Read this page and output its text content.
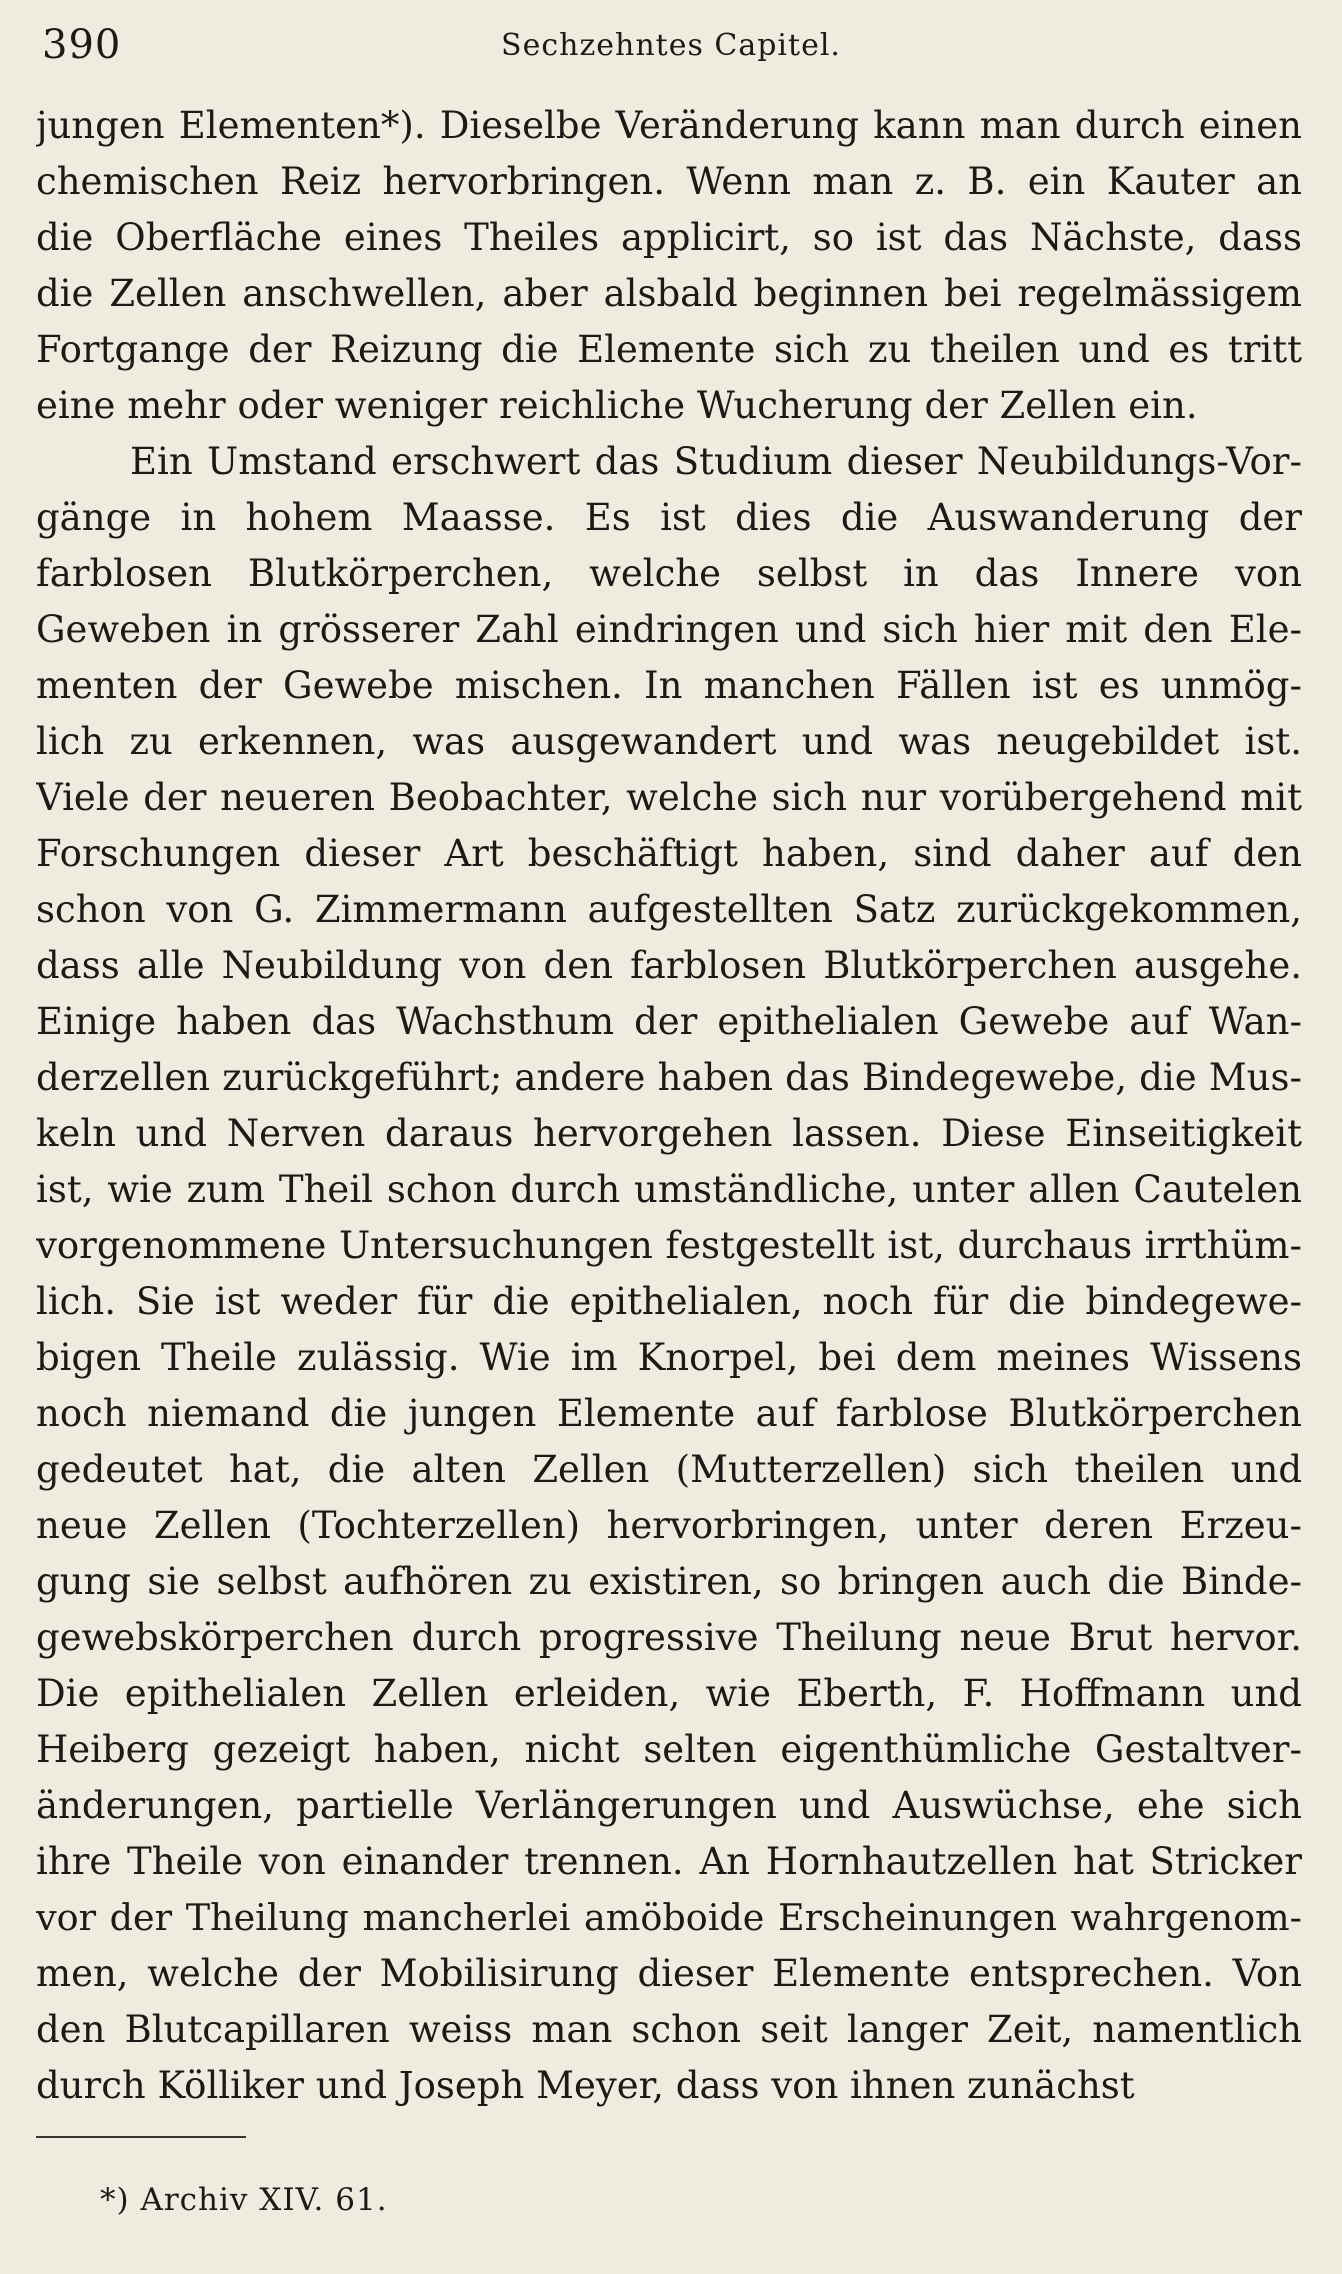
390	Sechzehntes Capitel.
jungen Elementen*). Dieselbe Veränderung kann man durch einen
chemischen Reiz hervorbringen. Wenn man z. B. ein Kauter an
die Oberfläche eines Theiles applicirt, so ist das Nächste, dass
die Zellen anschwellen, aber alsbald beginnen bei regelmässigem
Fortgange der Reizung die Elemente sich zu theilen und es tritt
eine mehr oder weniger reichliche Wucherung der Zellen ein.
Ein Umstand erschwert das Studium dieser Neubildungs-Vor-
gänge in hohem Maasse. Es ist dies die Auswanderung der
farblosen Blutkörperchen, welche selbst in das Innere von
Geweben in grösserer Zahl eindringen und sich hier mit den Ele-
menten der Gewebe mischen. In manchen Fällen ist es unmög-
lich zu erkennen, was ausgewandert und was neugebildet ist.
Viele der neueren Beobachter, welche sich nur vorübergehend mit
Forschungen dieser Art beschäftigt haben, sind daher auf den
schon von G. Zimmermann aufgestellten Satz zurückgekommen,
dass alle Neubildung von den farblosen Blutkörperchen ausgehe.
Einige haben das Wachsthum der epithelialen Gewebe auf Wan-
derzellen zurückgeführt; andere haben das Bindegewebe, die Mus-
keln und Nerven daraus hervorgehen lassen. Diese Einseitigkeit
ist, wie zum Theil schon durch umständliche, unter allen Cautelen
vorgenommene Untersuchungen festgestellt ist, durchaus irrthüm-
lich. Sie ist weder für die epithelialen, noch für die bindegewe-
bigen Theile zulässig. Wie im Knorpel, bei dem meines Wissens
noch niemand die jungen Elemente auf farblose Blutkörperchen
gedeutet hat, die alten Zellen (Mutterzellen) sich theilen und
neue Zellen (Tochterzellen) hervorbringen, unter deren Erzeu-
gung sie selbst aufhören zu existiren, so bringen auch die Binde-
gewebskörperchen durch progressive Theilung neue Brut hervor.
Die epithelialen Zellen erleiden, wie Eberth, F. Hoffmann und
Heiberg gezeigt haben, nicht selten eigenthümliche Gestaltver-
änderungen, partielle Verlängerungen und Auswüchse, ehe sich
ihre Theile von einander trennen. An Hornhautzellen hat Stricker
vor der Theilung mancherlei amöboide Erscheinungen wahrgenom-
men, welche der Mobilisirung dieser Elemente entsprechen. Von
den Blutcapillaren weiss man schon seit langer Zeit, namentlich
durch Kölliker und Joseph Meyer, dass von ihnen zunächst
*) Archiv XIV. 61.
